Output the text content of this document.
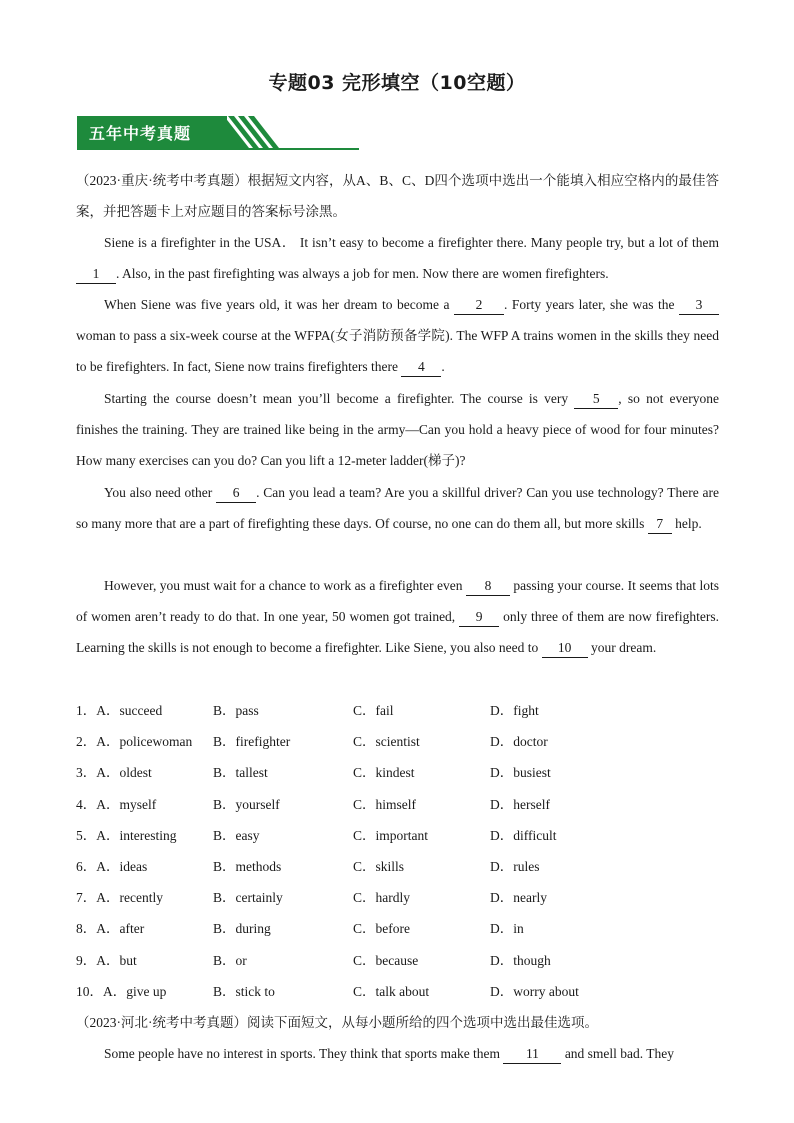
专题03 完形填空（10空题）
五年中考真题

（2023·重庆·统考中考真题）根据短文内容，从A、B、C、D四个选项中选出一个能填入相应空格内的最佳答案，并把答题卡上对应题目的答案标号涂黑。

Siene is a firefighter in the USA． It isn’t easy to become a firefighter there. Many people try, but a lot of them 1 . Also, in the past firefighting was always a job for men. Now there are women firefighters.

When Siene was five years old, it was her dream to become a 2 . Forty years later, she was the 3 woman to pass a six-week course at the WFPA(女子消防预备学院). The WFP A trains women in the skills they need to be firefighters. In fact, Siene now trains firefighters there 4 .

Starting the course doesn’t mean you’ll become a firefighter. The course is very 5 , so not everyone finishes the training. They are trained like being in the army—Can you hold a heavy piece of wood for four minutes? How many exercises can you do? Can you lift a 12-meter ladder(梯子)?

You also need other 6 . Can you lead a team? Are you a skillful driver? Can you use technology? There are so many more that are a part of firefighting these days. Of course, no one can do them all, but more skills 7 help.

However, you must wait for a chance to work as a firefighter even 8 passing your course. It seems that lots of women aren’t ready to do that. In one year, 50 women got trained, 9 only three of them are now firefighters. Learning the skills is not enough to become a firefighter. Like Siene, you also need to 10 your dream.

1．A．succeed	B．pass	C．fail	D．fight
2．A．policewoman B．firefighter	C．scientist	D．doctor
3．A．oldest	B．tallest	C．kindest	D．busiest
4．A．myself	B．yourself	C．himself	D．herself
5．A．interesting	B．easy	C．important	D．difficult
6．A．ideas	B．methods	C．skills	D．rules
7．A．recently	B．certainly	C．hardly	D．nearly
8．A．after	B．during	C．before	D．in
9．A．but	B．or	C．because	D．though
10．A．give up	B．stick to	C．talk about	D．worry about

（2023·河北·统考中考真题）阅读下面短文，从每小题所给的四个选项中选出最佳选项。

Some people have no interest in sports. They think that sports make them 11 and smell bad. They
